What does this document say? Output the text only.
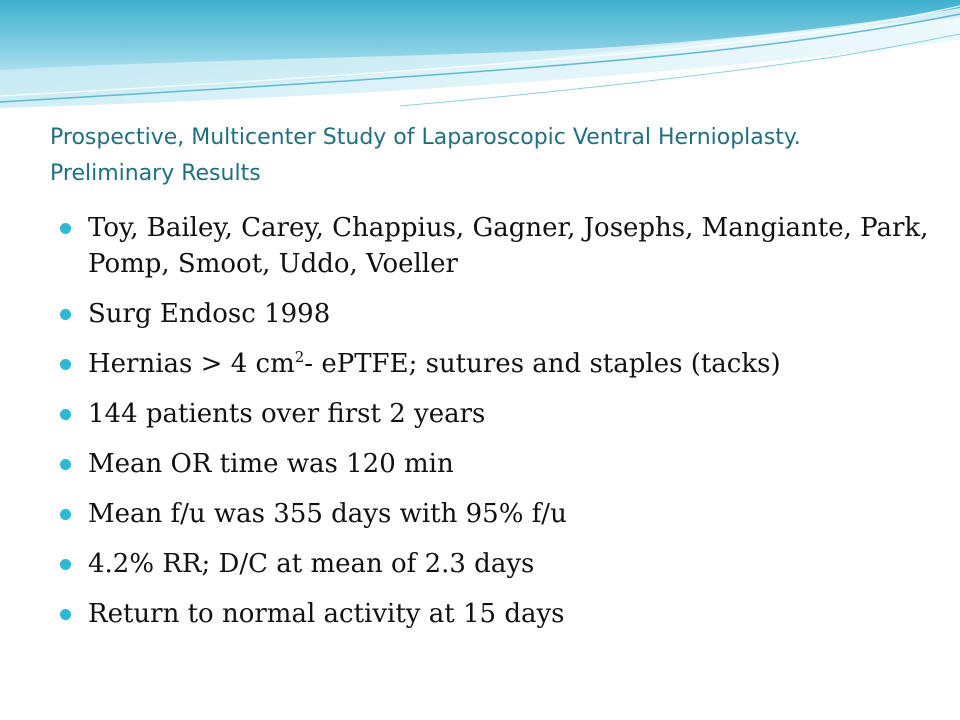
Prospective, Multicenter Study of Laparoscopic Ventral Hernioplasty. Preliminary Results
Toy, Bailey, Carey, Chappius, Gagner, Josephs, Mangiante, Park, Pomp, Smoot, Uddo, Voeller
Surg Endosc 1998
Hernias > 4 $cm^2-$ ePTFE; sutures and staples (tacks)
144 patients over first 2 years
Mean OR time was 120 min
Mean f/u was 355 days with 95% f/u
4.2% RR; D/C at mean of 2.3 days
Return to normal activity at 15 days
